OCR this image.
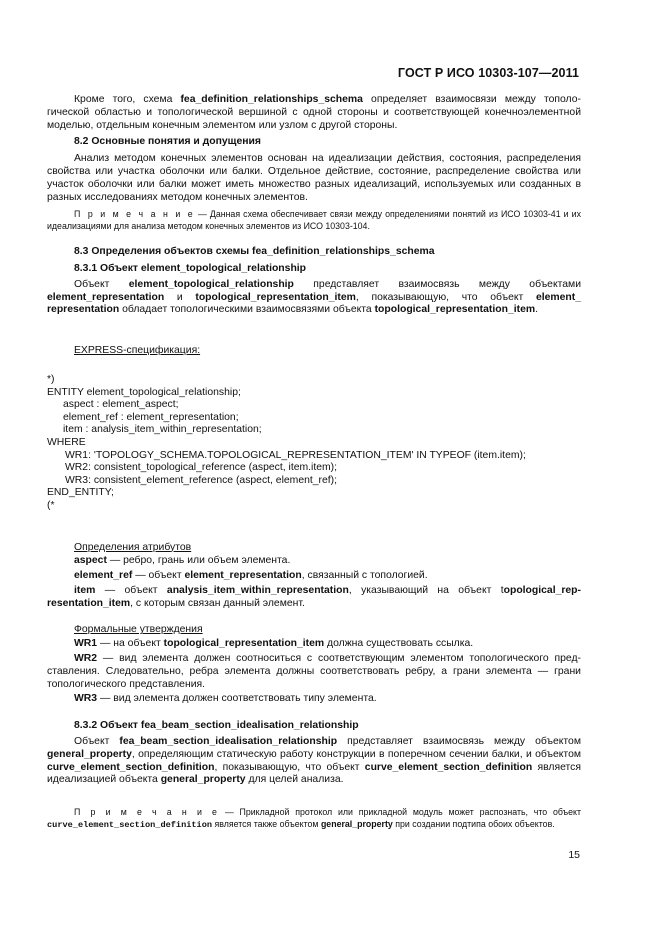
ГОСТ Р ИСО 10303-107—2011

Кроме того, схема fea_definition_relationships_schema определяет взаимосвязи между топологической областью и топологической вершиной с одной стороны и соответствующей конечноэлементной моделью, отдельным конечным элементом или узлом с другой стороны.

8.2 Основные понятия и допущения

Анализ методом конечных элементов основан на идеализации действия, состояния, распределения свойства или участка оболочки или балки. Отдельное действие, состояние, распределение свойства или участок оболочки или балки может иметь множество разных идеализаций, используемых или созданных в разных исследованиях методом конечных элементов.

П р и м е ч а н и е — Данная схема обеспечивает связи между определениями понятий из ИСО 10303-41 и их идеализациями для анализа методом конечных элементов из ИСО 10303-104.

8.3 Определения объектов схемы fea_definition_relationships_schema

8.3.1 Объект element_topological_relationship

Объект element_topological_relationship представляет взаимосвязь между объектами element_representation и topological_representation_item, показывающую, что объект element_ representation обладает топологическими взаимосвязями объекта topological_representation_item.

EXPRESS-спецификация:

*)
ENTITY element_topological_relationship;
aspect : element_aspect;
element_ref : element_representation;
item : analysis_item_within_representation;
WHERE
WR1: 'TOPOLOGY_SCHEMA.TOPOLOGICAL_REPRESENTATION_ITEM' IN TYPEOF (item.item);
WR2: consistent_topological_reference (aspect, item.item);
WR3: consistent_element_reference (aspect, element_ref);
END_ENTITY;
(*

Определения атрибутов

aspect — ребро, грань или объем элемента.

element_ref — объект element_representation, связанный с топологией.

item — объект analysis_item_within_representation, указывающий на объект topological_representation_item, с которым связан данный элемент.

Формальные утверждения

WR1 — на объект topological_representation_item должна существовать ссылка.

WR2 — вид элемента должен соотноситься с соответствующим элементом топологического представления. Следовательно, ребра элемента должны соответствовать ребру, а грани элемента — грани топологического представления.

WR3 — вид элемента должен соответствовать типу элемента.

8.3.2 Объект fea_beam_section_idealisation_relationship

Объект fea_beam_section_idealisation_relationship представляет взаимосвязь между объектом general_property, определяющим статическую работу конструкции в поперечном сечении балки, и объектом curve_element_section_definition, показывающую, что объект curve_element_section_definition является идеализацией объекта general_property для целей анализа.

П р и м е ч а н и е — Прикладной протокол или прикладной модуль может распознать, что объект curve_element_section_definition является также объектом general_property при создании подтипа обоих объектов.

15
